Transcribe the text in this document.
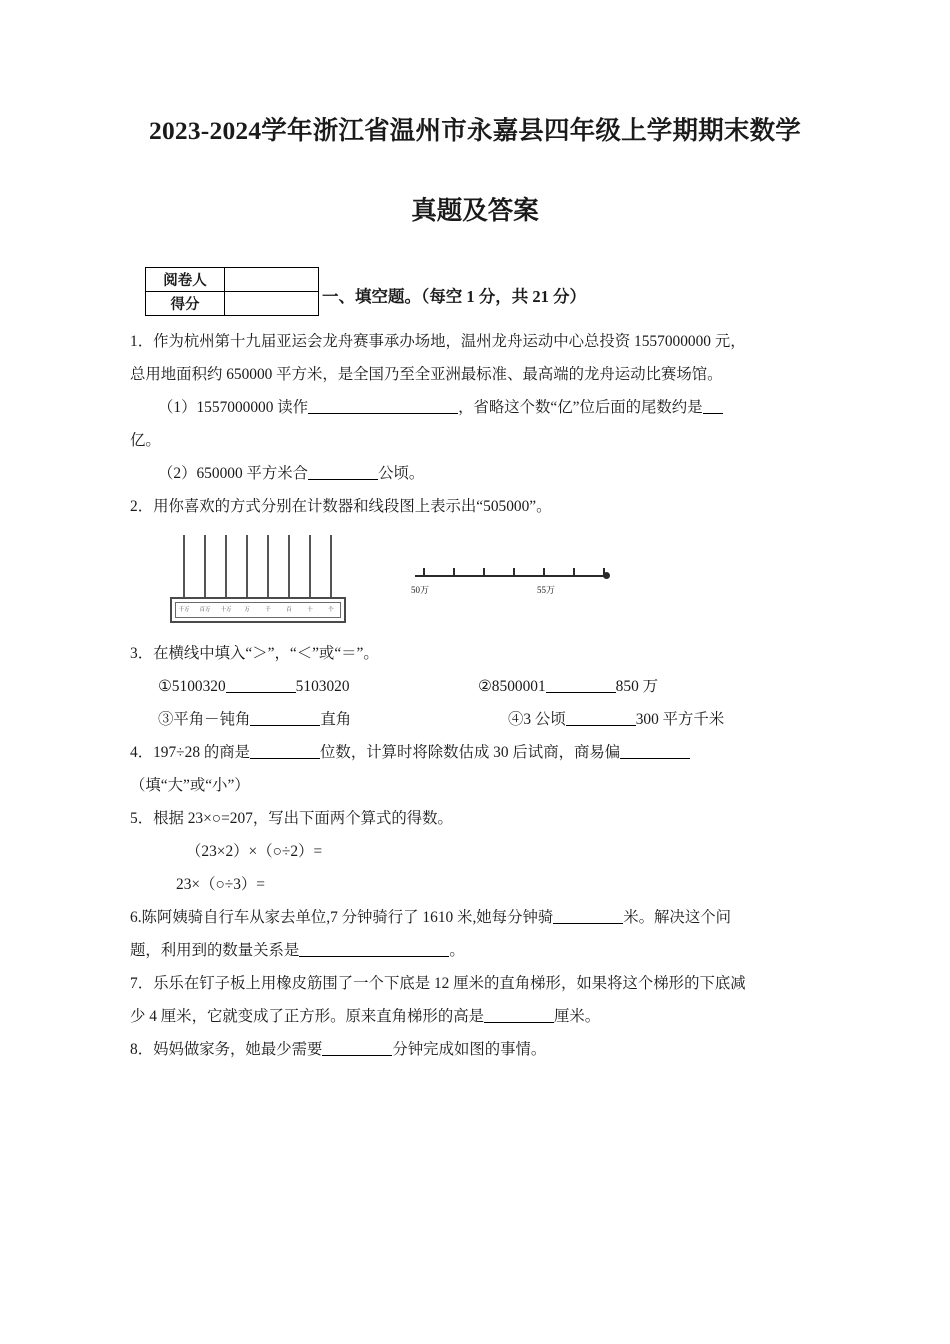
2023-2024学年浙江省温州市永嘉县四年级上学期期末数学
真题及答案
阅卷人	
得分		一、填空题。（每空 1 分，共 21 分）

1．作为杭州第十九届亚运会龙舟赛事承办场地，温州龙舟运动中心总投资 1557000000 元，

总用地面积约 650000 平方米，是全国乃至全亚洲最标准、最高端的龙舟运动比赛场馆。

（1）1557000000 读作	，省略这个数“亿”位后面的尾数约是

亿。

（2）650000 平方米合	公顷。

2．用你喜欢的方式分别在计数器和线段图上表示出“505000”。

千万	百万	十万	万	千	百	十	个
50万	55万

3．在横线中填入“＞”，“＜”或“＝”。

①5100320	5103020	②8500001	850 万
③平角－钝角	直角	④3 公顷	300 平方千米

4．197÷28 的商是	位数，计算时将除数估成 30 后试商，商易偏

（填“大”或“小”）

5．根据 23×○=207，写出下面两个算式的得数。

（23×2）×（○÷2）=

23×（○÷3）=

6.陈阿姨骑自行车从家去单位,7 分钟骑行了 1610 米,她每分钟骑	米。解决这个问

题，利用到的数量关系是	。

7．乐乐在钉子板上用橡皮筋围了一个下底是 12 厘米的直角梯形，如果将这个梯形的下底减

少 4 厘米，它就变成了正方形。原来直角梯形的高是	厘米。

8．妈妈做家务，她最少需要	分钟完成如图的事情。
